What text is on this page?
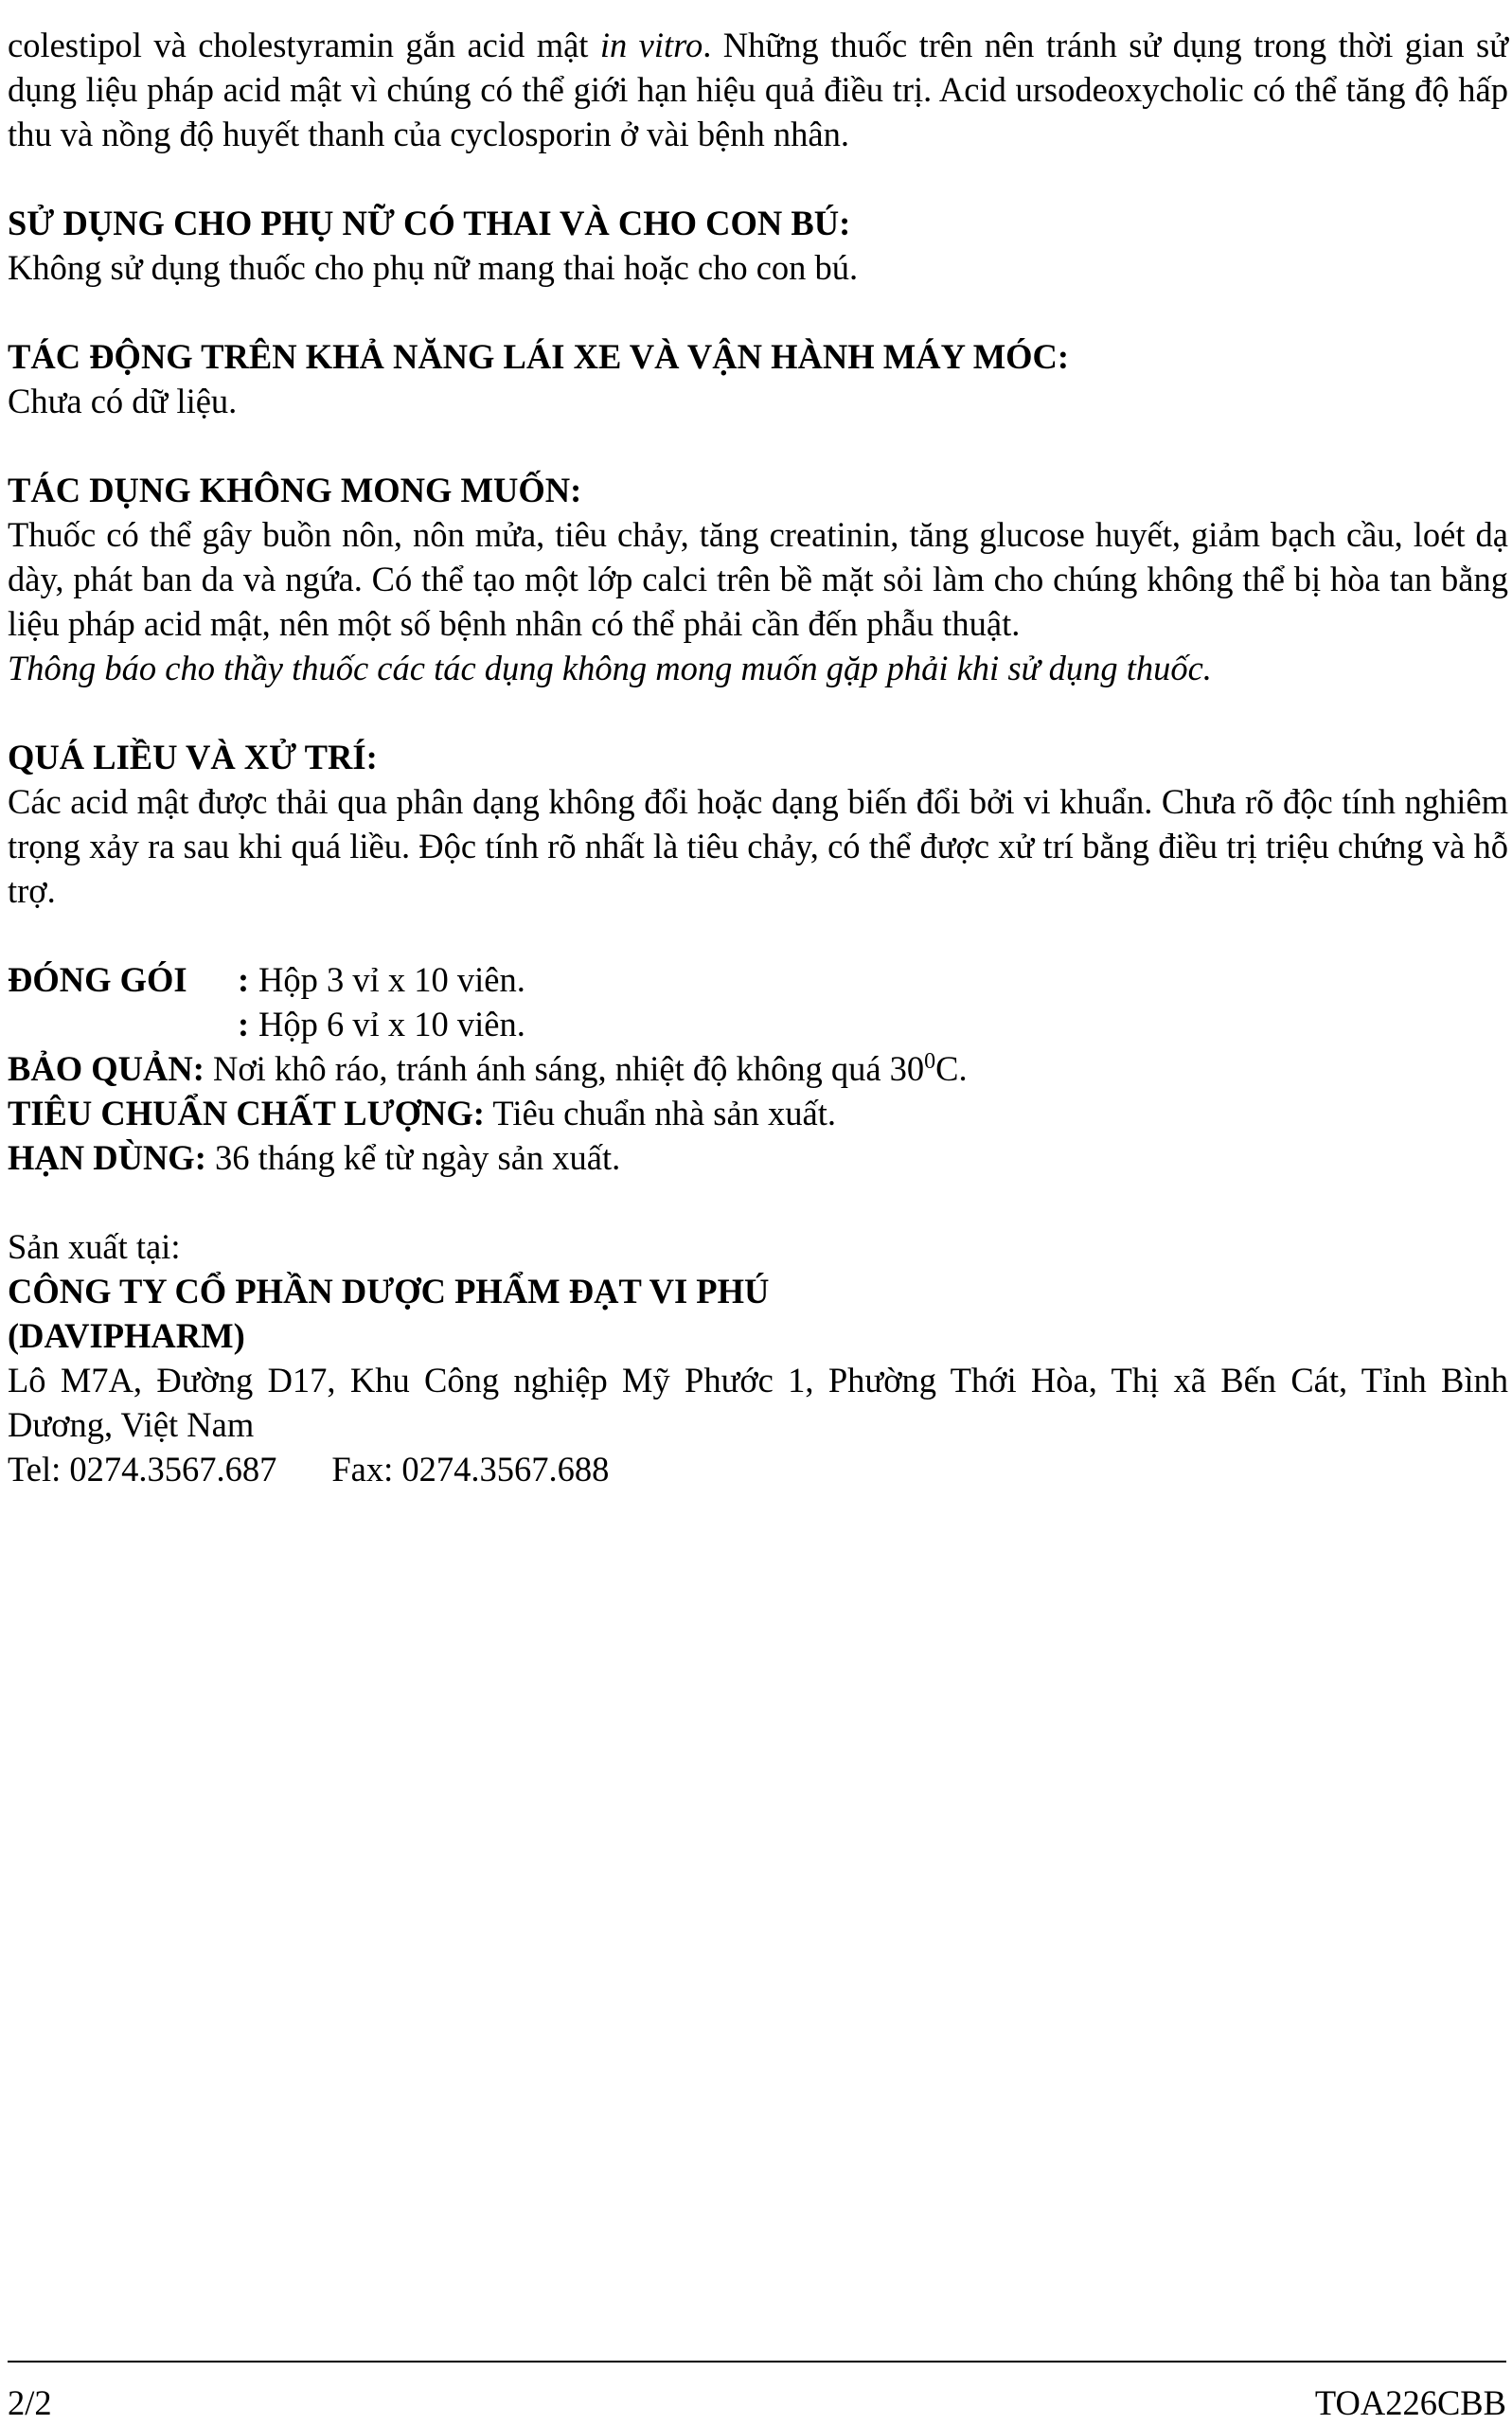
colestipol và cholestyramin gắn acid mật in vitro. Những thuốc trên nên tránh sử dụng trong thời gian sử dụng liệu pháp acid mật vì chúng có thể giới hạn hiệu quả điều trị. Acid ursodeoxycholic có thể tăng độ hấp thu và nồng độ huyết thanh của cyclosporin ở vài bệnh nhân.

SỬ DỤNG CHO PHỤ NỮ CÓ THAI VÀ CHO CON BÚ:

Không sử dụng thuốc cho phụ nữ mang thai hoặc cho con bú.

TÁC ĐỘNG TRÊN KHẢ NĂNG LÁI XE VÀ VẬN HÀNH MÁY MÓC:

Chưa có dữ liệu.

TÁC DỤNG KHÔNG MONG MUỐN:

Thuốc có thể gây buồn nôn, nôn mửa, tiêu chảy, tăng creatinin, tăng glucose huyết, giảm bạch cầu, loét dạ dày, phát ban da và ngứa. Có thể tạo một lớp calci trên bề mặt sỏi làm cho chúng không thể bị hòa tan bằng liệu pháp acid mật, nên một số bệnh nhân có thể phải cần đến phẫu thuật.

Thông báo cho thầy thuốc các tác dụng không mong muốn gặp phải khi sử dụng thuốc.

QUÁ LIỀU VÀ XỬ TRÍ:

Các acid mật được thải qua phân dạng không đổi hoặc dạng biến đổi bởi vi khuẩn. Chưa rõ độc tính nghiêm trọng xảy ra sau khi quá liều. Độc tính rõ nhất là tiêu chảy, có thể được xử trí bằng điều trị triệu chứng và hỗ trợ.

ĐÓNG GÓI : Hộp 3 vỉ x 10 viên.
: Hộp 6 vỉ x 10 viên.

BẢO QUẢN: Nơi khô ráo, tránh ánh sáng, nhiệt độ không quá $30^0C$.

TIÊU CHUẨN CHẤT LƯỢNG: Tiêu chuẩn nhà sản xuất.

HẠN DÙNG: 36 tháng kể từ ngày sản xuất.

Sản xuất tại:

CÔNG TY CỔ PHẦN DƯỢC PHẨM ĐẠT VI PHÚ

(DAVIPHARM)

Lô M7A, Đường D17, Khu Công nghiệp Mỹ Phước 1, Phường Thới Hòa, Thị xã Bến Cát, Tỉnh Bình Dương, Việt Nam

Tel: 0274.3567.687 Fax: 0274.3567.688

2/2	TOA226CBB
